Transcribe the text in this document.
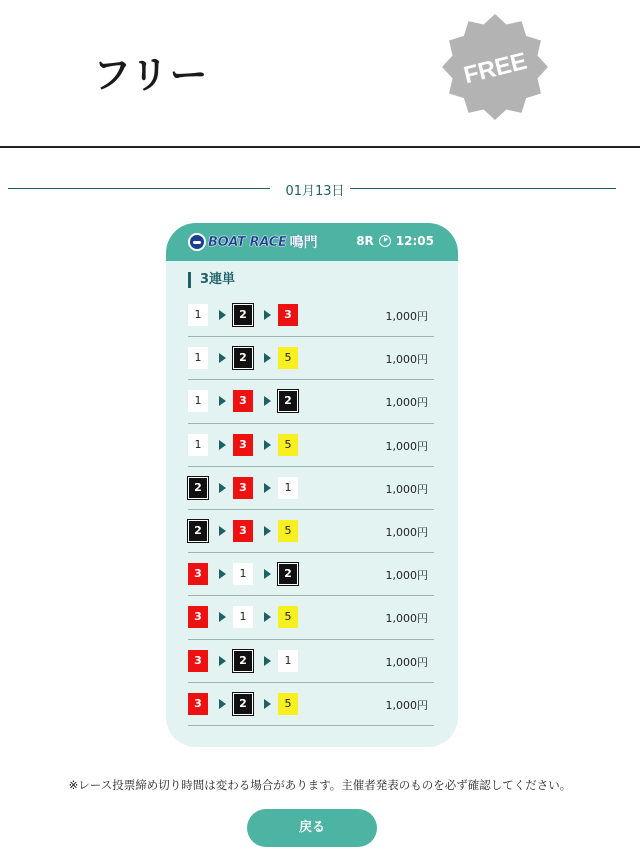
フリー	FREE
01月13日
BOAT RACE 鳴門	8R 12:05
3連単
1	2	3	1,000円
1	2	5	1,000円
1	3	2	1,000円
1	3	5	1,000円
2	3	1	1,000円
2	3	5	1,000円
3	1	2	1,000円
3	1	5	1,000円
3	2	1	1,000円
3	2	5	1,000円
※レース投票締め切り時間は変わる場合があります。主催者発表のものを必ず確認してください。
戻る
